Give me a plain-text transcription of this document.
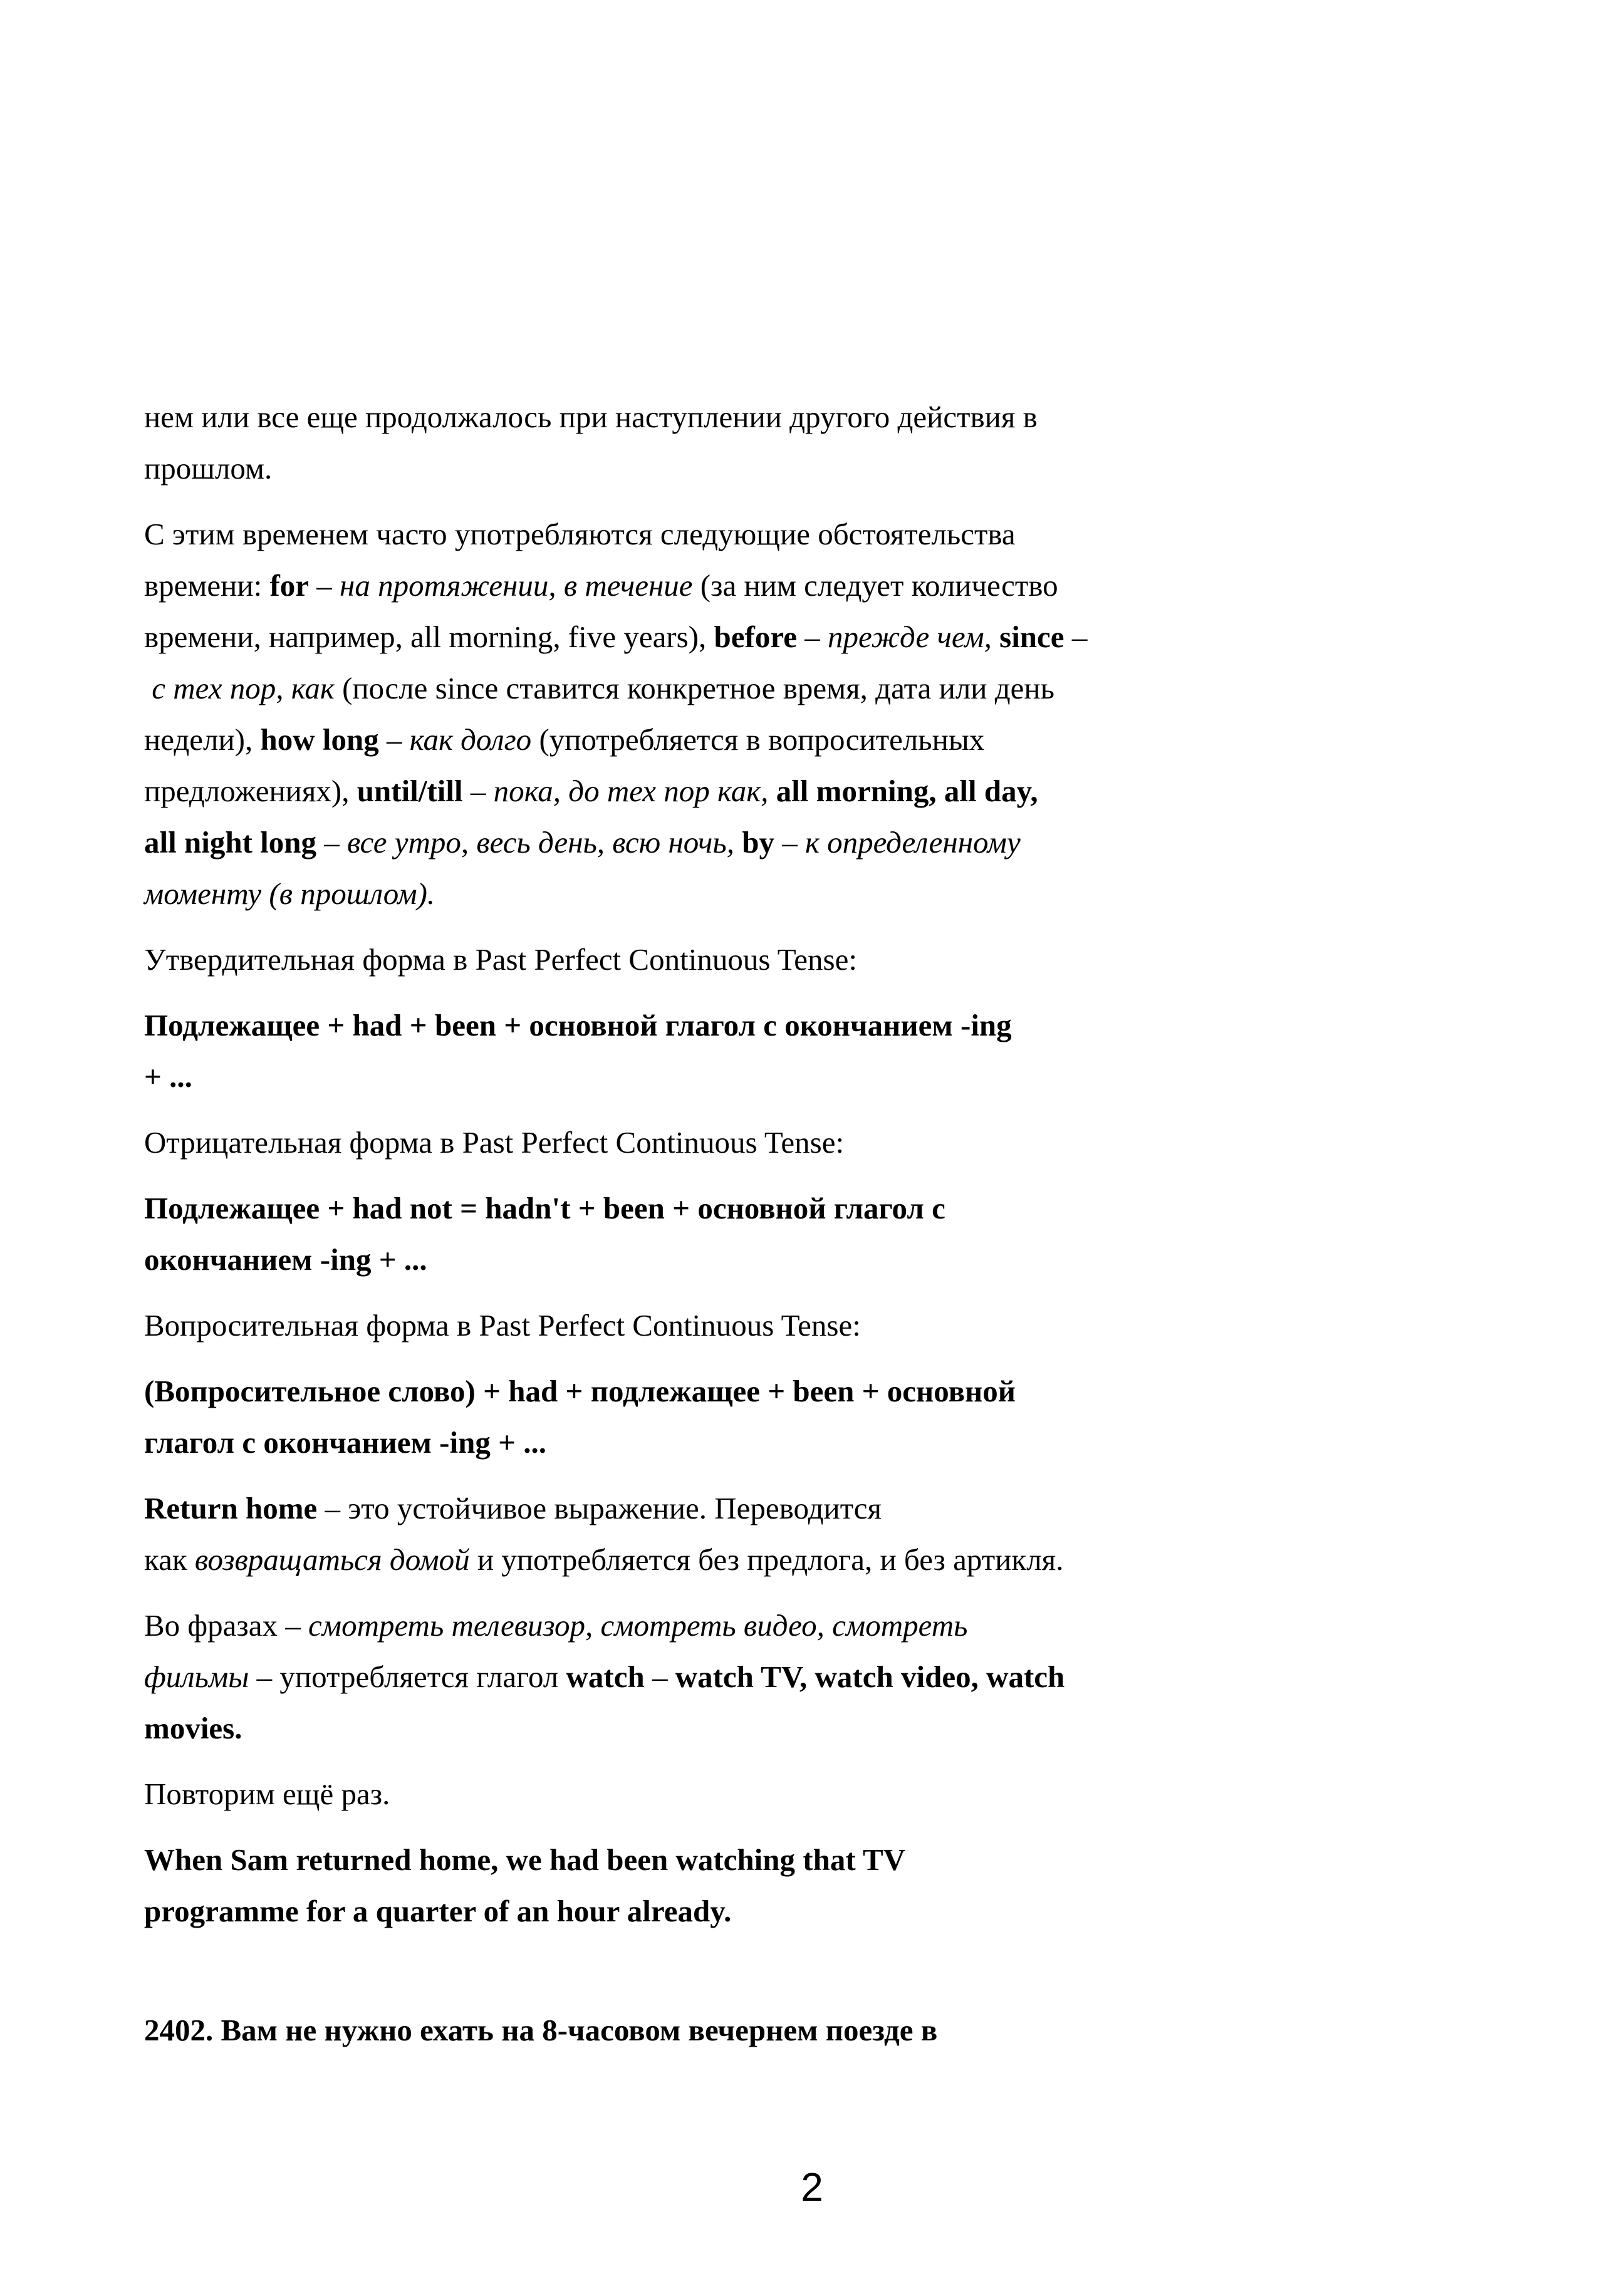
нем или все еще продолжалось при наступлении другого действия в
прошлом.

С этим временем часто употребляются следующие обстоятельства
времени: for – на протяжении, в течение (за ним следует количество
времени, например, all morning, five years), before – прежде чем, since –
с тех пор, как (после since ставится конкретное время, дата или день
недели), how long – как долго (употребляется в вопросительных
предложениях), until/till – пока, до тех пор как, all morning, all day,
all night long – все утро, весь день, всю ночь, by – к определенному
моменту (в прошлом).

Утвердительная форма в Past Perfect Continuous Tense:

Подлежащее + had + been + основной глагол с окончанием -ing
+ ...

Отрицательная форма в Past Perfect Continuous Tense:

Подлежащее + had not = hadn't + been + основной глагол с
окончанием -ing + ...

Вопросительная форма в Past Perfect Continuous Tense:

(Вопросительное слово) + had + подлежащее + been + основной
глагол с окончанием -ing + ...

Return home – это устойчивое выражение. Переводится
как возвращаться домой и употребляется без предлога, и без артикля.

Во фразах – смотреть телевизор, смотреть видео, смотреть
фильмы – употребляется глагол watch – watch TV, watch video, watch
movies.

Повторим ещё раз.

When Sam returned home, we had been watching that TV
programme for a quarter of an hour already.

2402. Вам не нужно ехать на 8-часовом вечернем поезде в

2
